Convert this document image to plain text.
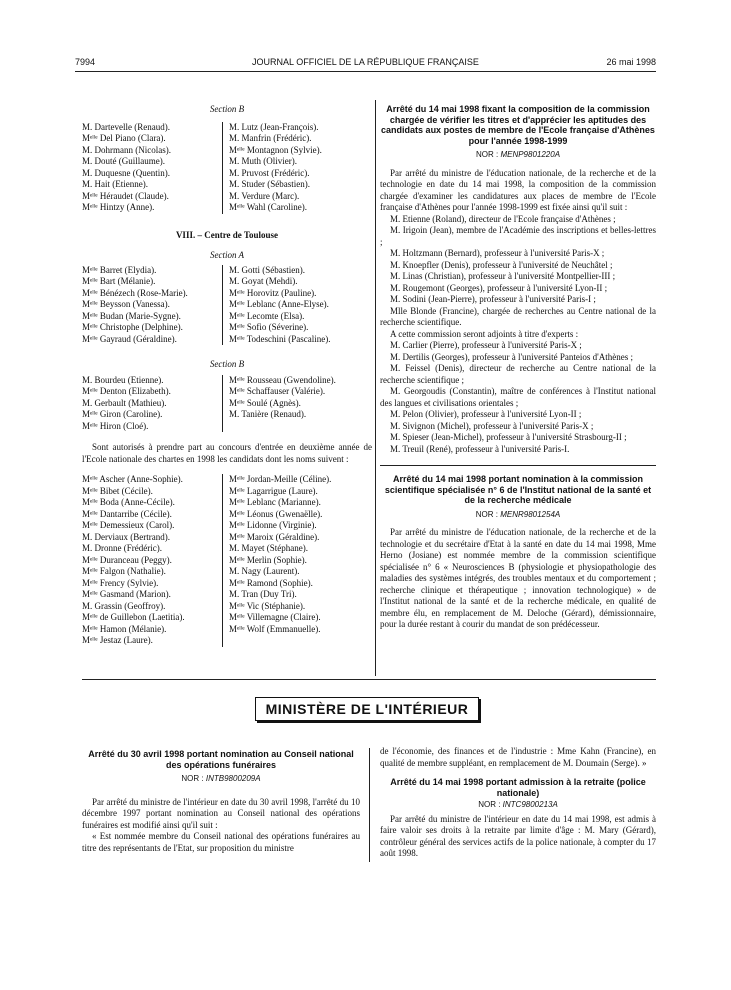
7994	JOURNAL OFFICIEL DE LA RÉPUBLIQUE FRANÇAISE	26 mai 1998

Section B

M. Dartevelle (Renaud).
Mᵉˡˡᵉ Del Piano (Clara).
M. Dohrmann (Nicolas).
M. Douté (Guillaume).
M. Duquesne (Quentin).
M. Hait (Etienne).
Mᵉˡˡᵉ Héraudet (Claude).
Mᵉˡˡᵉ Hintzy (Anne).
M. Lutz (Jean-François).
M. Manfrin (Frédéric).
Mᵉˡˡᵉ Montagnon (Sylvie).
M. Muth (Olivier).
M. Pruvost (Frédéric).
M. Studer (Sébastien).
M. Verdure (Marc).
Mᵉˡˡᵉ Wahl (Caroline).

VIII. – Centre de Toulouse

Section A

Mᵉˡˡᵉ Barret (Elydia).
Mᵉˡˡᵉ Bart (Mélanie).
Mᵉˡˡᵉ Bénézech (Rose-Marie).
Mᵉˡˡᵉ Beysson (Vanessa).
Mᵉˡˡᵉ Budan (Marie-Sygne).
Mᵉˡˡᵉ Christophe (Delphine).
Mᵉˡˡᵉ Gayraud (Géraldine).
M. Gotti (Sébastien).
M. Goyat (Mehdi).
Mᵉˡˡᵉ Horovitz (Pauline).
Mᵉˡˡᵉ Leblanc (Anne-Elyse).
Mᵉˡˡᵉ Lecomte (Elsa).
Mᵉˡˡᵉ Sofio (Séverine).
Mᵉˡˡᵉ Todeschini (Pascaline).

Section B

M. Bourdeu (Etienne).
Mᵉˡˡᵉ Denton (Elizabeth).
M. Gerbault (Mathieu).
Mᵉˡˡᵉ Giron (Caroline).
Mᵉˡˡᵉ Hiron (Cloé).
Mᵉˡˡᵉ Rousseau (Gwendoline).
Mᵉˡˡᵉ Schaffauser (Valérie).
Mᵉˡˡᵉ Soulé (Agnès).
M. Tanière (Renaud).

Sont autorisés à prendre part au concours d'entrée en deuxième année de l'Ecole nationale des chartes en 1998 les candidats dont les noms suivent :

Mᵉˡˡᵉ Ascher (Anne-Sophie).
Mᵉˡˡᵉ Bibet (Cécile).
Mᵉˡˡᵉ Boda (Anne-Cécile).
Mᵉˡˡᵉ Dantarribe (Cécile).
Mᵉˡˡᵉ Demessieux (Carol).
M. Derviaux (Bertrand).
M. Dronne (Frédéric).
Mᵉˡˡᵉ Duranceau (Peggy).
Mᵉˡˡᵉ Falgon (Nathalie).
Mᵉˡˡᵉ Frency (Sylvie).
Mᵉˡˡᵉ Gasmand (Marion).
M. Grassin (Geoffroy).
Mᵉˡˡᵉ de Guillebon (Laetitia).
Mᵉˡˡᵉ Hamon (Mélanie).
Mᵉˡˡᵉ Jestaz (Laure).
Mᵉˡˡᵉ Jordan-Meille (Céline).
Mᵉˡˡᵉ Lagarrigue (Laure).
Mᵉˡˡᵉ Leblanc (Marianne).
Mᵉˡˡᵉ Léonus (Gwenaëlle).
Mᵉˡˡᵉ Lidonne (Virginie).
Mᵉˡˡᵉ Maroix (Géraldine).
M. Mayet (Stéphane).
Mᵉˡˡᵉ Merlin (Sophie).
M. Nagy (Laurent).
Mᵉˡˡᵉ Ramond (Sophie).
M. Tran (Duy Tri).
Mᵉˡˡᵉ Vic (Stéphanie).
Mᵉˡˡᵉ Villemagne (Claire).
Mᵉˡˡᵉ Wolf (Emmanuelle).

Arrêté du 14 mai 1998 fixant la composition de la commission chargée de vérifier les titres et d'apprécier les aptitudes des candidats aux postes de membre de l'Ecole française d'Athènes pour l'année 1998-1999

NOR : MENP9801220A

Par arrêté du ministre de l'éducation nationale, de la recherche et de la technologie en date du 14 mai 1998, la composition de la commission chargée d'examiner les candidatures aux places de membre de l'Ecole française d'Athènes pour l'année 1998-1999 est fixée ainsi qu'il suit :

M. Etienne (Roland), directeur de l'Ecole française d'Athènes ;

M. Irigoin (Jean), membre de l'Académie des inscriptions et belles-lettres ;

M. Holtzmann (Bernard), professeur à l'université Paris-X ;

M. Knoepfler (Denis), professeur à l'université de Neuchâtel ;

M. Linas (Christian), professeur à l'université Montpellier-III ;

M. Rougemont (Georges), professeur à l'université Lyon-II ;

M. Sodini (Jean-Pierre), professeur à l'université Paris-I ;

Mlle Blonde (Francine), chargée de recherches au Centre national de la recherche scientifique.

A cette commission seront adjoints à titre d'experts :

M. Carlier (Pierre), professeur à l'université Paris-X ;

M. Dertilis (Georges), professeur à l'université Panteios d'Athènes ;

M. Feissel (Denis), directeur de recherche au Centre national de la recherche scientifique ;

M. Georgoudis (Constantin), maître de conférences à l'Institut national des langues et civilisations orientales ;

M. Pelon (Olivier), professeur à l'université Lyon-II ;

M. Sivignon (Michel), professeur à l'université Paris-X ;

M. Spieser (Jean-Michel), professeur à l'université Strasbourg-II ;

M. Treuil (René), professeur à l'université Paris-I.

Arrêté du 14 mai 1998 portant nomination à la commission scientifique spécialisée n° 6 de l'Institut national de la santé et de la recherche médicale

NOR : MENR9801254A

Par arrêté du ministre de l'éducation nationale, de la recherche et de la technologie et du secrétaire d'Etat à la santé en date du 14 mai 1998, Mme Herno (Josiane) est nommée membre de la commission scientifique spécialisée n° 6 « Neurosciences B (physiologie et physiopathologie des maladies des systèmes intégrés, des troubles mentaux et du comportement ; recherche clinique et thérapeutique ; innovation technologique) » de l'Institut national de la santé et de la recherche médicale, en qualité de membre élu, en remplacement de M. Deloche (Gérard), démissionnaire, pour la durée restant à courir du mandat de son prédécesseur.

MINISTÈRE DE L'INTÉRIEUR

Arrêté du 30 avril 1998 portant nomination au Conseil national des opérations funéraires

NOR : INTB9800209A

Par arrêté du ministre de l'intérieur en date du 30 avril 1998, l'arrêté du 10 décembre 1997 portant nomination au Conseil national des opérations funéraires est modifié ainsi qu'il suit :

« Est nommée membre du Conseil national des opérations funéraires au titre des représentants de l'Etat, sur proposition du ministre

de l'économie, des finances et de l'industrie : Mme Kahn (Francine), en qualité de membre suppléant, en remplacement de M. Doumain (Serge). »

Arrêté du 14 mai 1998 portant admission à la retraite (police nationale)

NOR : INTC9800213A

Par arrêté du ministre de l'intérieur en date du 14 mai 1998, est admis à faire valoir ses droits à la retraite par limite d'âge : M. Mary (Gérard), contrôleur général des services actifs de la police nationale, à compter du 17 août 1998.
